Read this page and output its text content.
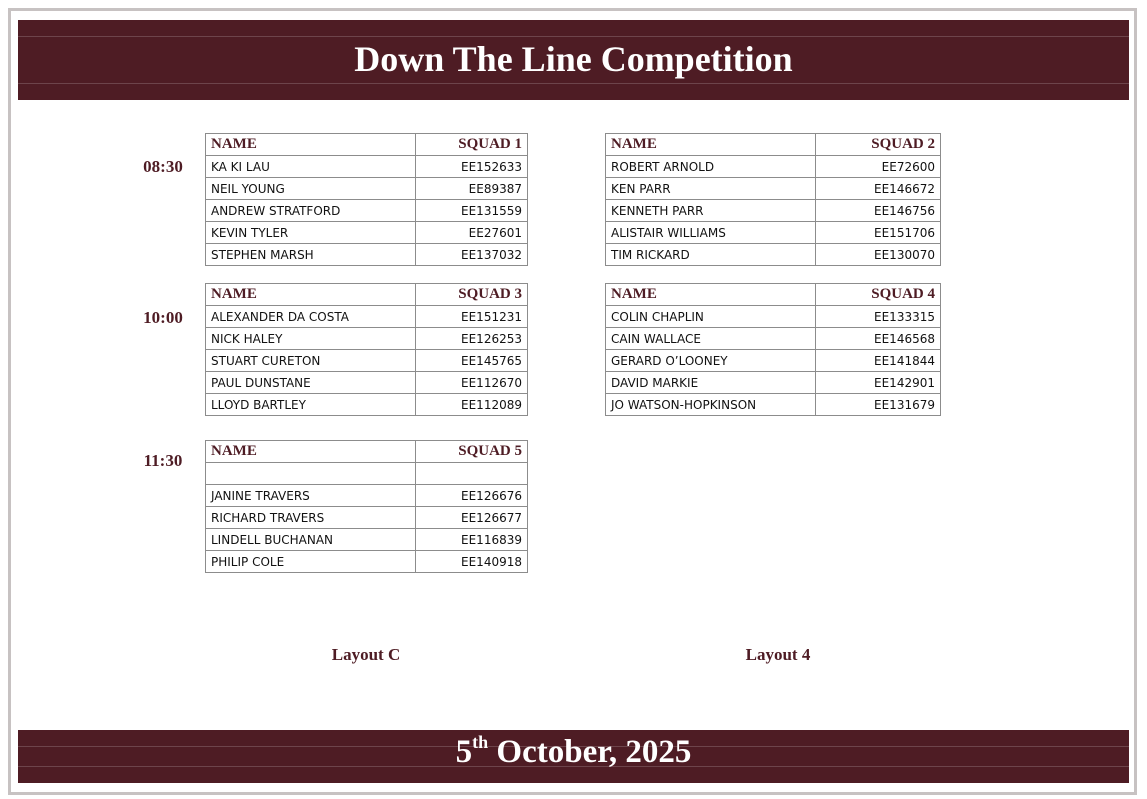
Down The Line Competition
08:30
10:00
11:30
NAME	SQUAD 1
KA KI LAU	EE152633
NEIL YOUNG	EE89387
ANDREW STRATFORD	EE131559
KEVIN TYLER	EE27601
STEPHEN MARSH	EE137032
NAME	SQUAD 2
ROBERT ARNOLD	EE72600
KEN PARR	EE146672
KENNETH PARR	EE146756
ALISTAIR WILLIAMS	EE151706
TIM RICKARD	EE130070
NAME	SQUAD 3
ALEXANDER DA COSTA	EE151231
NICK HALEY	EE126253
STUART CURETON	EE145765
PAUL DUNSTANE	EE112670
LLOYD BARTLEY	EE112089
NAME	SQUAD 4
COLIN CHAPLIN	EE133315
CAIN WALLACE	EE146568
GERARD O’LOONEY	EE141844
DAVID MARKIE	EE142901
JO WATSON-HOPKINSON	EE131679
NAME	SQUAD 5

JANINE TRAVERS	EE126676
RICHARD TRAVERS	EE126677
LINDELL BUCHANAN	EE116839
PHILIP COLE	EE140918
Layout C	Layout 4
5th October, 2025
